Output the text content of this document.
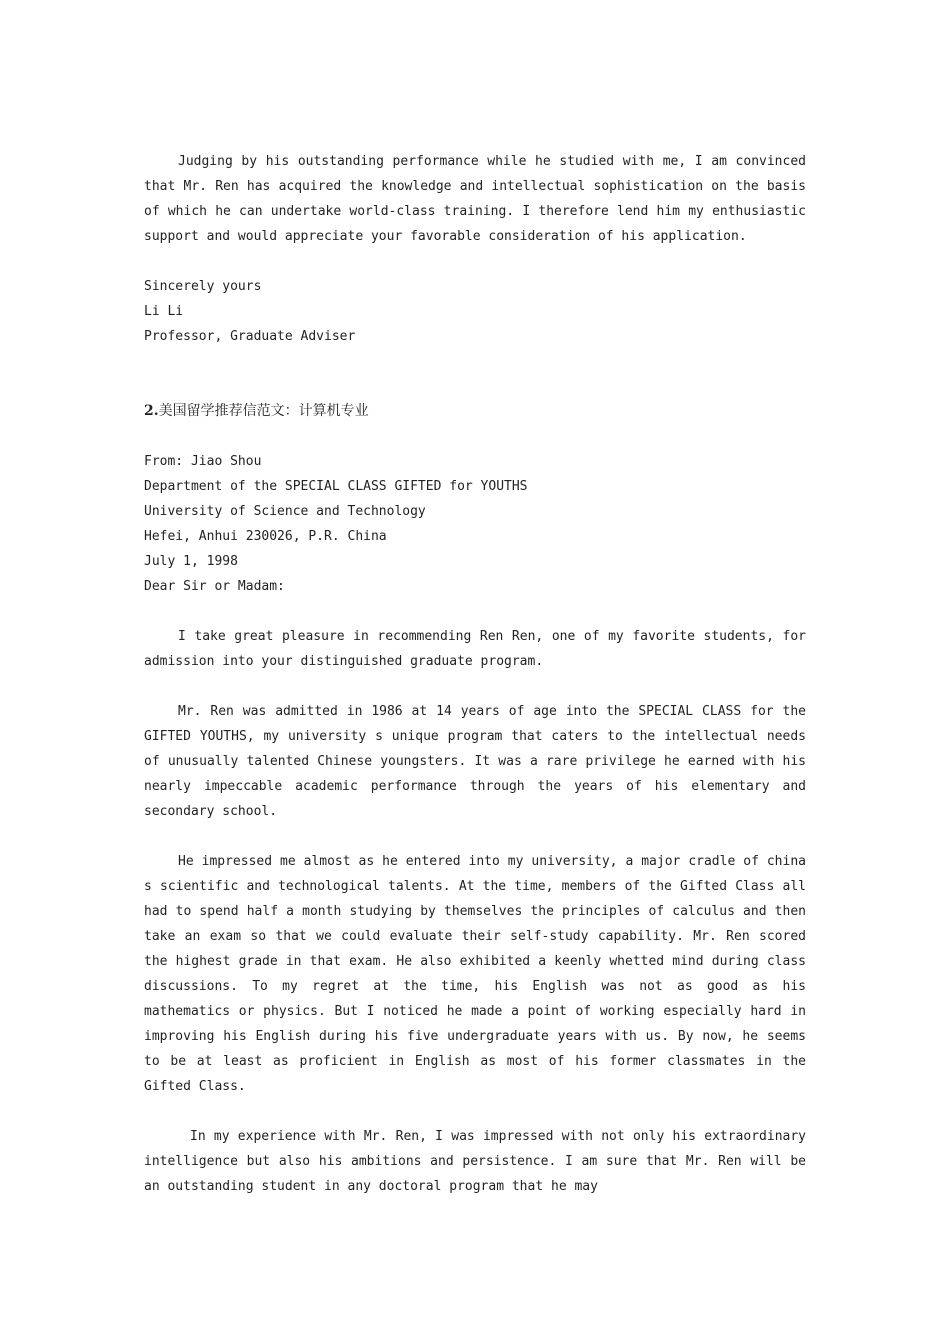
Judging by his outstanding performance while he studied with me, I am convinced that Mr. Ren has acquired the knowledge and intellectual sophistication on the basis of which he can undertake world-class training. I therefore lend him my enthusiastic support and would appreciate your favorable consideration of his application.

Sincerely yours
Li Li
Professor, Graduate Adviser
2.美国留学推荐信范文：计算机专业
From: Jiao Shou
Department of the SPECIAL CLASS GIFTED for YOUTHS
University of Science and Technology
Hefei, Anhui 230026, P.R. China
July 1, 1998
Dear Sir or Madam:

I take great pleasure in recommending Ren Ren, one of my favorite students, for admission into your distinguished graduate program.

Mr. Ren was admitted in 1986 at 14 years of age into the SPECIAL CLASS for the GIFTED YOUTHS, my university s unique program that caters to the intellectual needs of unusually talented Chinese youngsters. It was a rare privilege he earned with his nearly impeccable academic performance through the years of his elementary and secondary school.

He impressed me almost as he entered into my university, a major cradle of china s scientific and technological talents. At the time, members of the Gifted Class all had to spend half a month studying by themselves the principles of calculus and then take an exam so that we could evaluate their self-study capability. Mr. Ren scored the highest grade in that exam. He also exhibited a keenly whetted mind during class discussions. To my regret at the time, his English was not as good as his mathematics or physics. But I noticed he made a point of working especially hard in improving his English during his five undergraduate years with us. By now, he seems to be at least as proficient in English as most of his former classmates in the Gifted Class.

In my experience with Mr. Ren, I was impressed with not only his extraordinary intelligence but also his ambitions and persistence. I am sure that Mr. Ren will be an outstanding student in any doctoral program that he may
